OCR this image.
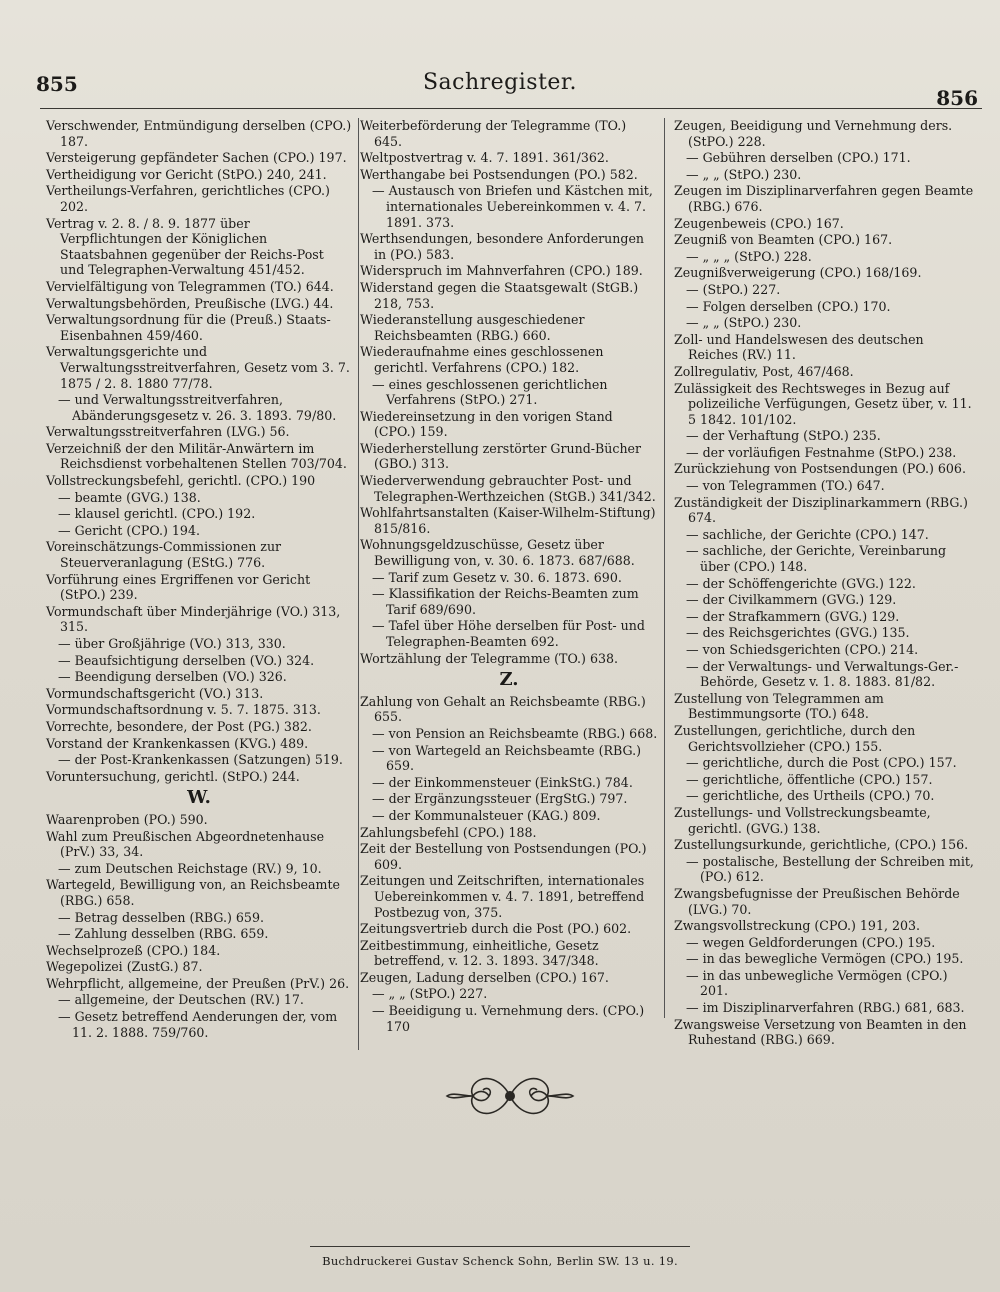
855	Sachregister.
856
Verschwender, Entmündigung derselben (CPO.) 187.
Versteigerung gepfändeter Sachen (CPO.) 197.
Vertheidigung vor Gericht (StPO.) 240, 241.
Vertheilungs-Verfahren, gerichtliches (CPO.) 202.
Vertrag v. 2. 8. / 8. 9. 1877 über Verpflichtungen der Königlichen Staatsbahnen gegenüber der Reichs-Post und Telegraphen-Verwaltung 451/452.
Vervielfältigung von Telegrammen (TO.) 644.
Verwaltungsbehörden, Preußische (LVG.) 44.
Verwaltungsordnung für die (Preuß.) Staats-Eisenbahnen 459/460.
Verwaltungsgerichte und Verwaltungsstreitverfahren, Gesetz vom 3. 7. 1875 / 2. 8. 1880 77/78.
— und Verwaltungsstreitverfahren, Abänderungsgesetz v. 26. 3. 1893. 79/80.
Verwaltungsstreitverfahren (LVG.) 56.
Verzeichniß der den Militär-Anwärtern im Reichsdienst vorbehaltenen Stellen 703/704.
Vollstreckungsbefehl, gerichtl. (CPO.) 190
— beamte (GVG.) 138.
— klausel gerichtl. (CPO.) 192.
— Gericht (CPO.) 194.
Voreinschätzungs-Commissionen zur Steuerveranlagung (EStG.) 776.
Vorführung eines Ergriffenen vor Gericht (StPO.) 239.
Vormundschaft über Minderjährige (VO.) 313, 315.
— über Großjährige (VO.) 313, 330.
— Beaufsichtigung derselben (VO.) 324.
— Beendigung derselben (VO.) 326.
Vormundschaftsgericht (VO.) 313.
Vormundschaftsordnung v. 5. 7. 1875. 313.
Vorrechte, besondere, der Post (PG.) 382.
Vorstand der Krankenkassen (KVG.) 489.
— der Post-Krankenkassen (Satzungen) 519.
Voruntersuchung, gerichtl. (StPO.) 244.
W.
Waarenproben (PO.) 590.
Wahl zum Preußischen Abgeordnetenhause (PrV.) 33, 34.
— zum Deutschen Reichstage (RV.) 9, 10.
Wartegeld, Bewilligung von, an Reichsbeamte (RBG.) 658.
— Betrag desselben (RBG.) 659.
— Zahlung desselben (RBG. 659.
Wechselprozeß (CPO.) 184.
Wegepolizei (ZustG.) 87.
Wehrpflicht, allgemeine, der Preußen (PrV.) 26.
— allgemeine, der Deutschen (RV.) 17.
— Gesetz betreffend Aenderungen der, vom 11. 2. 1888. 759/760.
Weiterbeförderung der Telegramme (TO.) 645.
Weltpostvertrag v. 4. 7. 1891. 361/362.
Werthangabe bei Postsendungen (PO.) 582.
— Austausch von Briefen und Kästchen mit, internationales Uebereinkommen v. 4. 7. 1891. 373.
Werthsendungen, besondere Anforderungen in (PO.) 583.
Widerspruch im Mahnverfahren (CPO.) 189.
Widerstand gegen die Staatsgewalt (StGB.) 218, 753.
Wiederanstellung ausgeschiedener Reichsbeamten (RBG.) 660.
Wiederaufnahme eines geschlossenen gerichtl. Verfahrens (CPO.) 182.
— eines geschlossenen gerichtlichen Verfahrens (StPO.) 271.
Wiedereinsetzung in den vorigen Stand (CPO.) 159.
Wiederherstellung zerstörter Grund-Bücher (GBO.) 313.
Wiederverwendung gebrauchter Post- und Telegraphen-Werthzeichen (StGB.) 341/342.
Wohlfahrtsanstalten (Kaiser-Wilhelm-Stiftung) 815/816.
Wohnungsgeldzuschüsse, Gesetz über Bewilligung von, v. 30. 6. 1873. 687/688.
— Tarif zum Gesetz v. 30. 6. 1873. 690.
— Klassifikation der Reichs-Beamten zum Tarif 689/690.
— Tafel über Höhe derselben für Post- und Telegraphen-Beamten 692.
Wortzählung der Telegramme (TO.) 638.
Z.
Zahlung von Gehalt an Reichsbeamte (RBG.) 655.
— von Pension an Reichsbeamte (RBG.) 668.
— von Wartegeld an Reichsbeamte (RBG.) 659.
— der Einkommensteuer (EinkStG.) 784.
— der Ergänzungssteuer (ErgStG.) 797.
— der Kommunalsteuer (KAG.) 809.
Zahlungsbefehl (CPO.) 188.
Zeit der Bestellung von Postsendungen (PO.) 609.
Zeitungen und Zeitschriften, internationales Uebereinkommen v. 4. 7. 1891, betreffend Postbezug von, 375.
Zeitungsvertrieb durch die Post (PO.) 602.
Zeitbestimmung, einheitliche, Gesetz betreffend, v. 12. 3. 1893. 347/348.
Zeugen, Ladung derselben (CPO.) 167.
— „ „ (StPO.) 227.
— Beeidigung u. Vernehmung ders. (CPO.) 170
Zeugen, Beeidigung und Vernehmung ders. (StPO.) 228.
— Gebühren derselben (CPO.) 171.
— „ „ (StPO.) 230.
Zeugen im Disziplinarverfahren gegen Beamte (RBG.) 676.
Zeugenbeweis (CPO.) 167.
Zeugniß von Beamten (CPO.) 167.
— „ „ „ (StPO.) 228.
Zeugnißverweigerung (CPO.) 168/169.
— (StPO.) 227.
— Folgen derselben (CPO.) 170.
— „ „ (StPO.) 230.
Zoll- und Handelswesen des deutschen Reiches (RV.) 11.
Zollregulativ, Post, 467/468.
Zulässigkeit des Rechtsweges in Bezug auf polizeiliche Verfügungen, Gesetz über, v. 11. 5 1842. 101/102.
— der Verhaftung (StPO.) 235.
— der vorläufigen Festnahme (StPO.) 238.
Zurückziehung von Postsendungen (PO.) 606.
— von Telegrammen (TO.) 647.
Zuständigkeit der Disziplinarkammern (RBG.) 674.
— sachliche, der Gerichte (CPO.) 147.
— sachliche, der Gerichte, Vereinbarung über (CPO.) 148.
— der Schöffengerichte (GVG.) 122.
— der Civilkammern (GVG.) 129.
— der Strafkammern (GVG.) 129.
— des Reichsgerichtes (GVG.) 135.
— von Schiedsgerichten (CPO.) 214.
— der Verwaltungs- und Verwaltungs-Ger.-Behörde, Gesetz v. 1. 8. 1883. 81/82.
Zustellung von Telegrammen am Bestimmungsorte (TO.) 648.
Zustellungen, gerichtliche, durch den Gerichtsvollzieher (CPO.) 155.
— gerichtliche, durch die Post (CPO.) 157.
— gerichtliche, öffentliche (CPO.) 157.
— gerichtliche, des Urtheils (CPO.) 70.
Zustellungs- und Vollstreckungsbeamte, gerichtl. (GVG.) 138.
Zustellungsurkunde, gerichtliche, (CPO.) 156.
— postalische, Bestellung der Schreiben mit, (PO.) 612.
Zwangsbefugnisse der Preußischen Behörde (LVG.) 70.
Zwangsvollstreckung (CPO.) 191, 203.
— wegen Geldforderungen (CPO.) 195.
— in das bewegliche Vermögen (CPO.) 195.
— in das unbewegliche Vermögen (CPO.) 201.
— im Disziplinarverfahren (RBG.) 681, 683.
Zwangsweise Versetzung von Beamten in den Ruhestand (RBG.) 669.
Buchdruckerei Gustav Schenck Sohn, Berlin SW. 13 u. 19.
